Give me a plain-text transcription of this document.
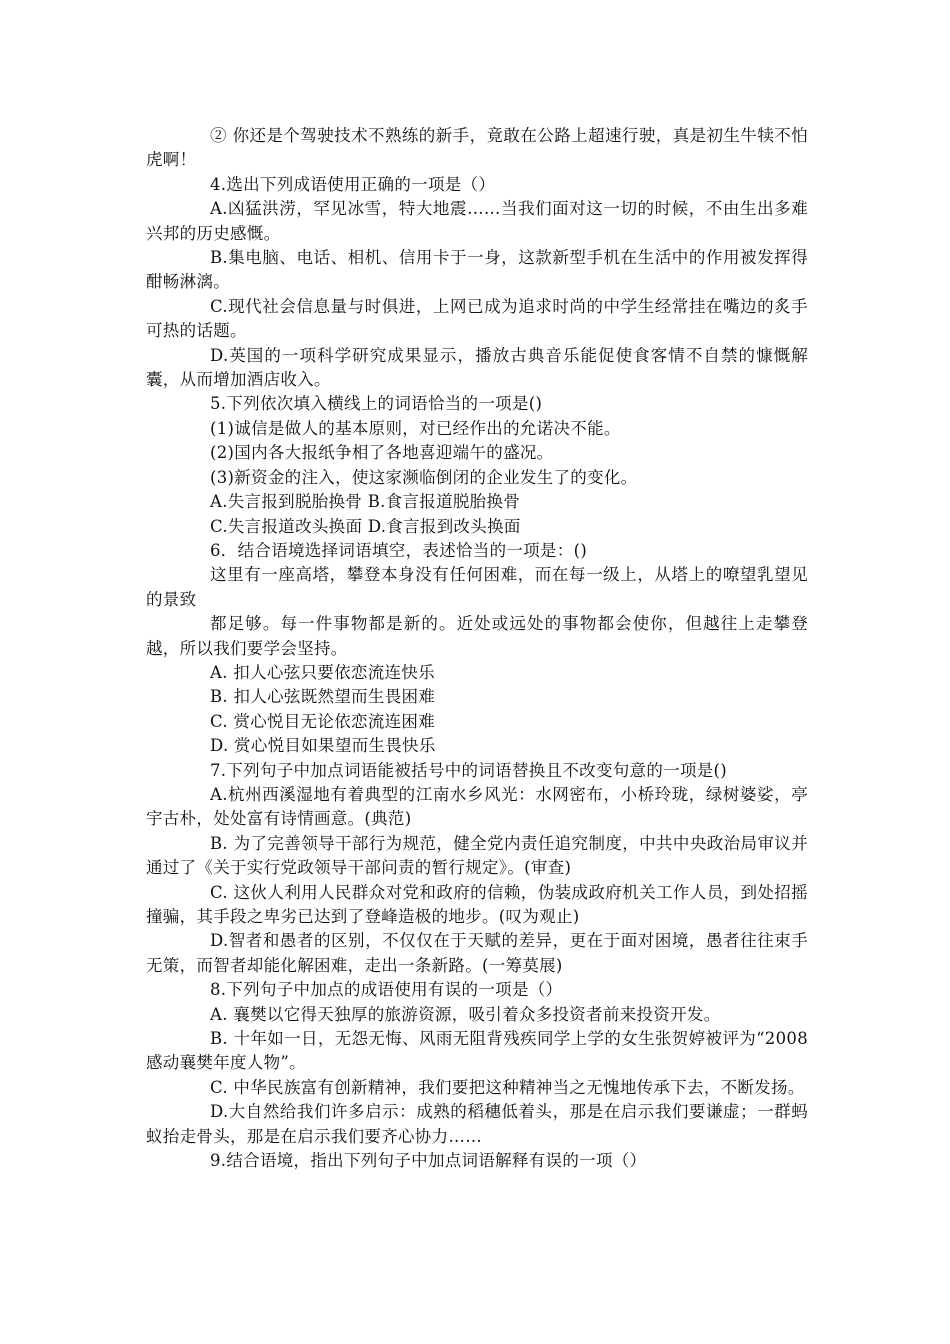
② 你还是个驾驶技术不熟练的新手，竟敢在公路上超速行驶，真是初生牛犊不怕虎啊！

4.选出下列成语使用正确的一项是（）

A.凶猛洪涝，罕见冰雪，特大地震……当我们面对这一切的时候，不由生出多难兴邦的历史感慨。

B.集电脑、电话、相机、信用卡于一身，这款新型手机在生活中的作用被发挥得酣畅淋漓。

C.现代社会信息量与时俱进，上网已成为追求时尚的中学生经常挂在嘴边的炙手可热的话题。

D.英国的一项科学研究成果显示，播放古典音乐能促使食客情不自禁的慷慨解囊，从而增加酒店收入。

5.下列依次填入横线上的词语恰当的一项是()

(1)诚信是做人的基本原则，对已经作出的允诺决不能。

(2)国内各大报纸争相了各地喜迎端午的盛况。

(3)新资金的注入，使这家濒临倒闭的企业发生了的变化。

A.失言报到脱胎换骨 B.食言报道脱胎换骨

C.失言报道改头换面 D.食言报到改头换面

6．结合语境选择词语填空，表述恰当的一项是：()

这里有一座高塔，攀登本身没有任何困难，而在每一级上，从塔上的嘹望乳望见的景致

都足够。每一件事物都是新的。近处或远处的事物都会使你，但越往上走攀登越，所以我们要学会坚持。

A. 扣人心弦只要依恋流连快乐

B. 扣人心弦既然望而生畏困难

C. 赏心悦目无论依恋流连困难

D. 赏心悦目如果望而生畏快乐

7.下列句子中加点词语能被括号中的词语替换且不改变句意的一项是()

A.杭州西溪湿地有着典型的江南水乡风光：水网密布，小桥玲珑，绿树婆娑，亭宇古朴，处处富有诗情画意。(典范)

B. 为了完善领导干部行为规范，健全党内责任追究制度，中共中央政治局审议并通过了《关于实行党政领导干部问责的暂行规定》。(审查)

C. 这伙人利用人民群众对党和政府的信赖，伪装成政府机关工作人员，到处招摇撞骗，其手段之卑劣已达到了登峰造极的地步。(叹为观止)

D.智者和愚者的区别，不仅仅在于天赋的差异，更在于面对困境，愚者往往束手无策，而智者却能化解困难，走出一条新路。(一筹莫展)

8.下列句子中加点的成语使用有误的一项是（）

A. 襄樊以它得天独厚的旅游资源，吸引着众多投资者前来投资开发。

B. 十年如一日，无怨无悔、风雨无阻背残疾同学上学的女生张贺婷被评为“2008感动襄樊年度人物”。

C. 中华民族富有创新精神，我们要把这种精神当之无愧地传承下去，不断发扬。

D.大自然给我们许多启示：成熟的稻穗低着头，那是在启示我们要谦虚；一群蚂蚁抬走骨头，那是在启示我们要齐心协力……

9.结合语境，指出下列句子中加点词语解释有误的一项（）
